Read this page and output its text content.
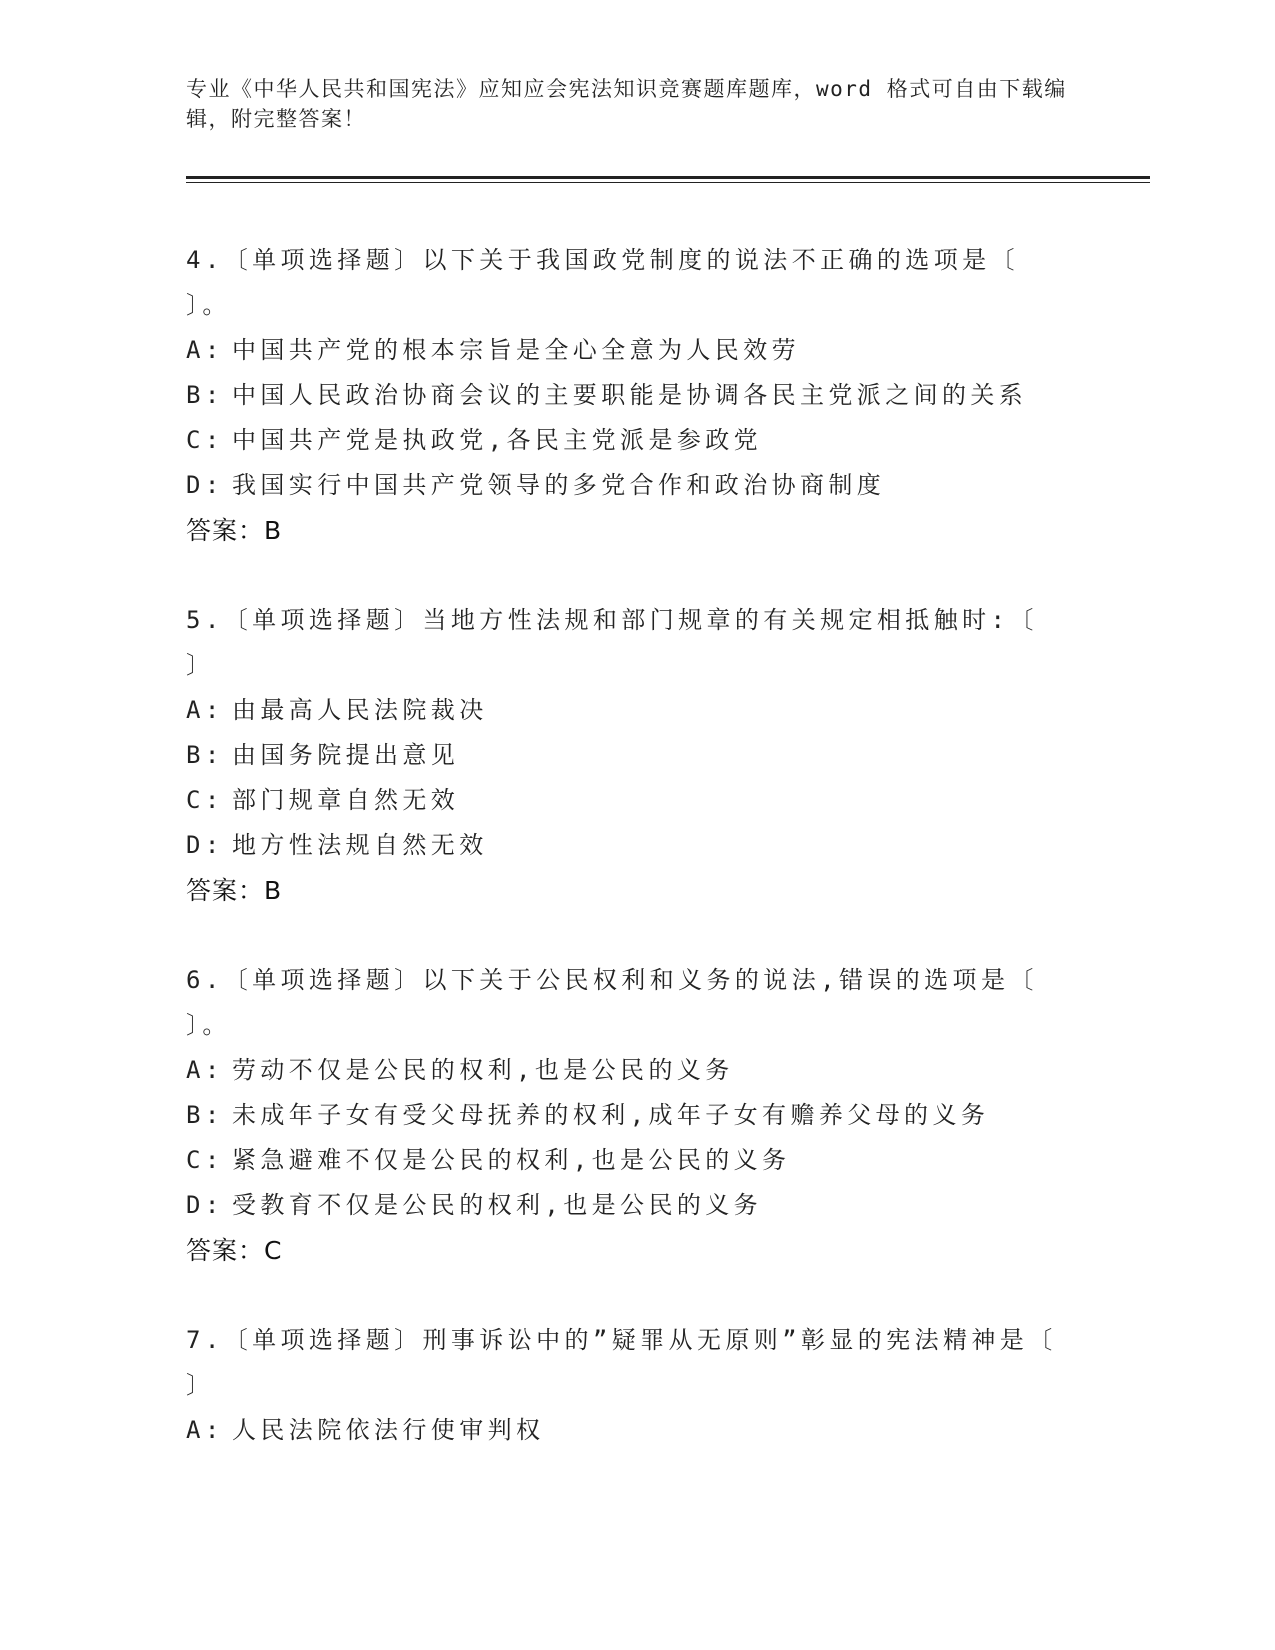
专业《中华人民共和国宪法》应知应会宪法知识竞赛题库题库，word 格式可自由下载编辑，附完整答案！

4.〔单项选择题〕以下关于我国政党制度的说法不正确的选项是〔 〕。

A: 中国共产党的根本宗旨是全心全意为人民效劳

B: 中国人民政治协商会议的主要职能是协调各民主党派之间的关系

C: 中国共产党是执政党,各民主党派是参政党

D: 我国实行中国共产党领导的多党合作和政治协商制度

答案：B

5.〔单项选择题〕当地方性法规和部门规章的有关规定相抵触时:〔 〕

A: 由最高人民法院裁决

B: 由国务院提出意见

C: 部门规章自然无效

D: 地方性法规自然无效

答案：B

6.〔单项选择题〕以下关于公民权利和义务的说法,错误的选项是〔 〕。

A: 劳动不仅是公民的权利,也是公民的义务

B: 未成年子女有受父母抚养的权利,成年子女有赡养父母的义务

C: 紧急避难不仅是公民的权利,也是公民的义务

D: 受教育不仅是公民的权利,也是公民的义务

答案：C

7.〔单项选择题〕刑事诉讼中的”疑罪从无原则”彰显的宪法精神是〔 〕

A: 人民法院依法行使审判权
